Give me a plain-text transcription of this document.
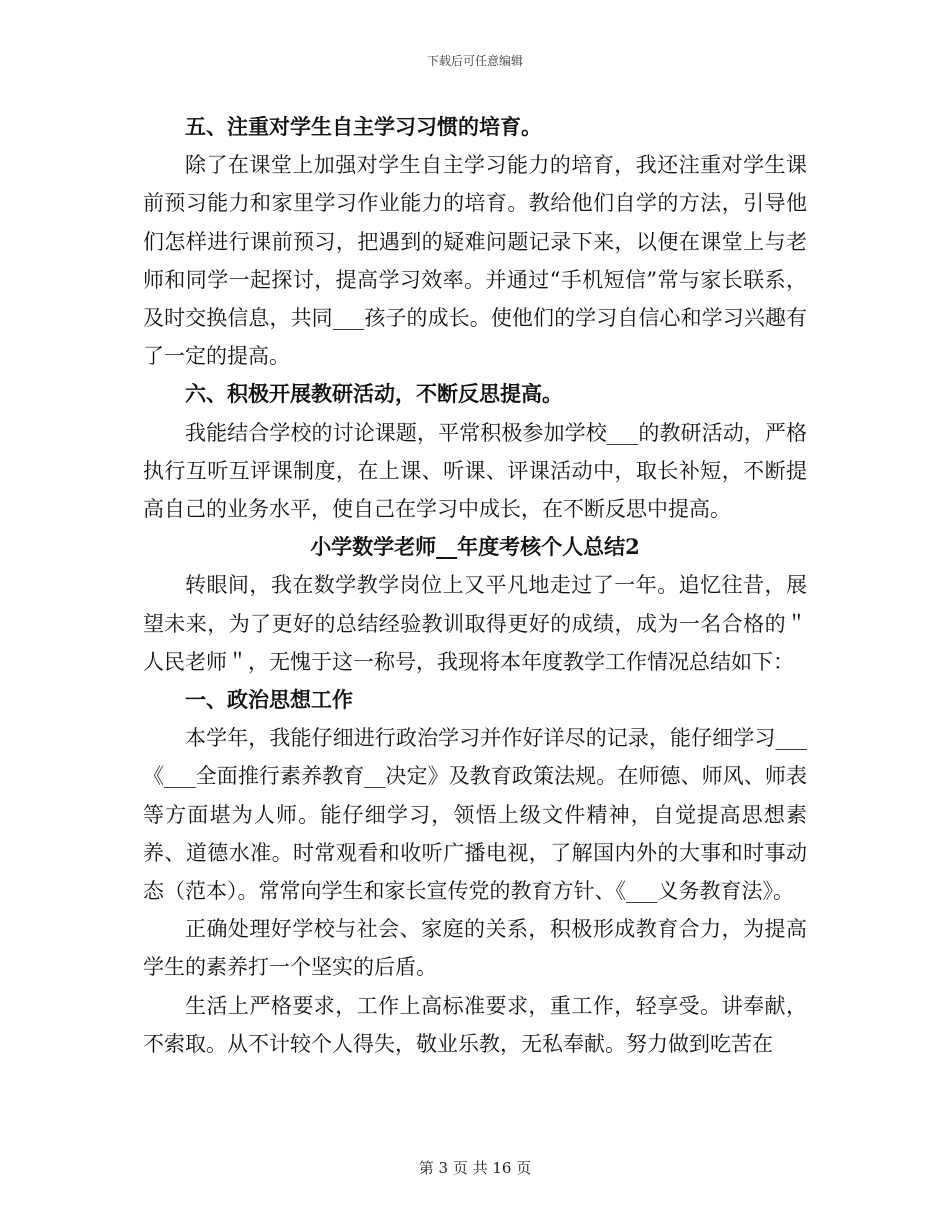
下载后可任意编辑

五、注重对学生自主学习习惯的培育。

除了在课堂上加强对学生自主学习能力的培育，我还注重对学生课前预习能力和家里学习作业能力的培育。教给他们自学的方法，引导他们怎样进行课前预习，把遇到的疑难问题记录下来，以便在课堂上与老师和同学一起探讨，提高学习效率。并通过“手机短信”常与家长联系，及时交换信息，共同___孩子的成长。使他们的学习自信心和学习兴趣有了一定的提高。

六、积极开展教研活动，不断反思提高。

我能结合学校的讨论课题，平常积极参加学校___的教研活动，严格执行互听互评课制度，在上课、听课、评课活动中，取长补短，不断提高自己的业务水平，使自己在学习中成长，在不断反思中提高。

小学数学老师__年度考核个人总结2

转眼间，我在数学教学岗位上又平凡地走过了一年。追忆往昔，展望未来，为了更好的总结经验教训取得更好的成绩，成为一名合格的＂人民老师＂，无愧于这一称号，我现将本年度教学工作情况总结如下：

一、政治思想工作

本学年，我能仔细进行政治学习并作好详尽的记录，能仔细学习___《___全面推行素养教育__决定》及教育政策法规。在师德、师风、师表等方面堪为人师。能仔细学习，领悟上级文件精神，自觉提高思想素养、道德水准。时常观看和收听广播电视，了解国内外的大事和时事动态（范本）。常常向学生和家长宣传党的教育方针、《___义务教育法》。

正确处理好学校与社会、家庭的关系，积极形成教育合力，为提高学生的素养打一个坚实的后盾。

生活上严格要求，工作上高标准要求，重工作，轻享受。讲奉献，不索取。从不计较个人得失，敬业乐教，无私奉献。努力做到吃苦在

第 3 页 共 16 页
